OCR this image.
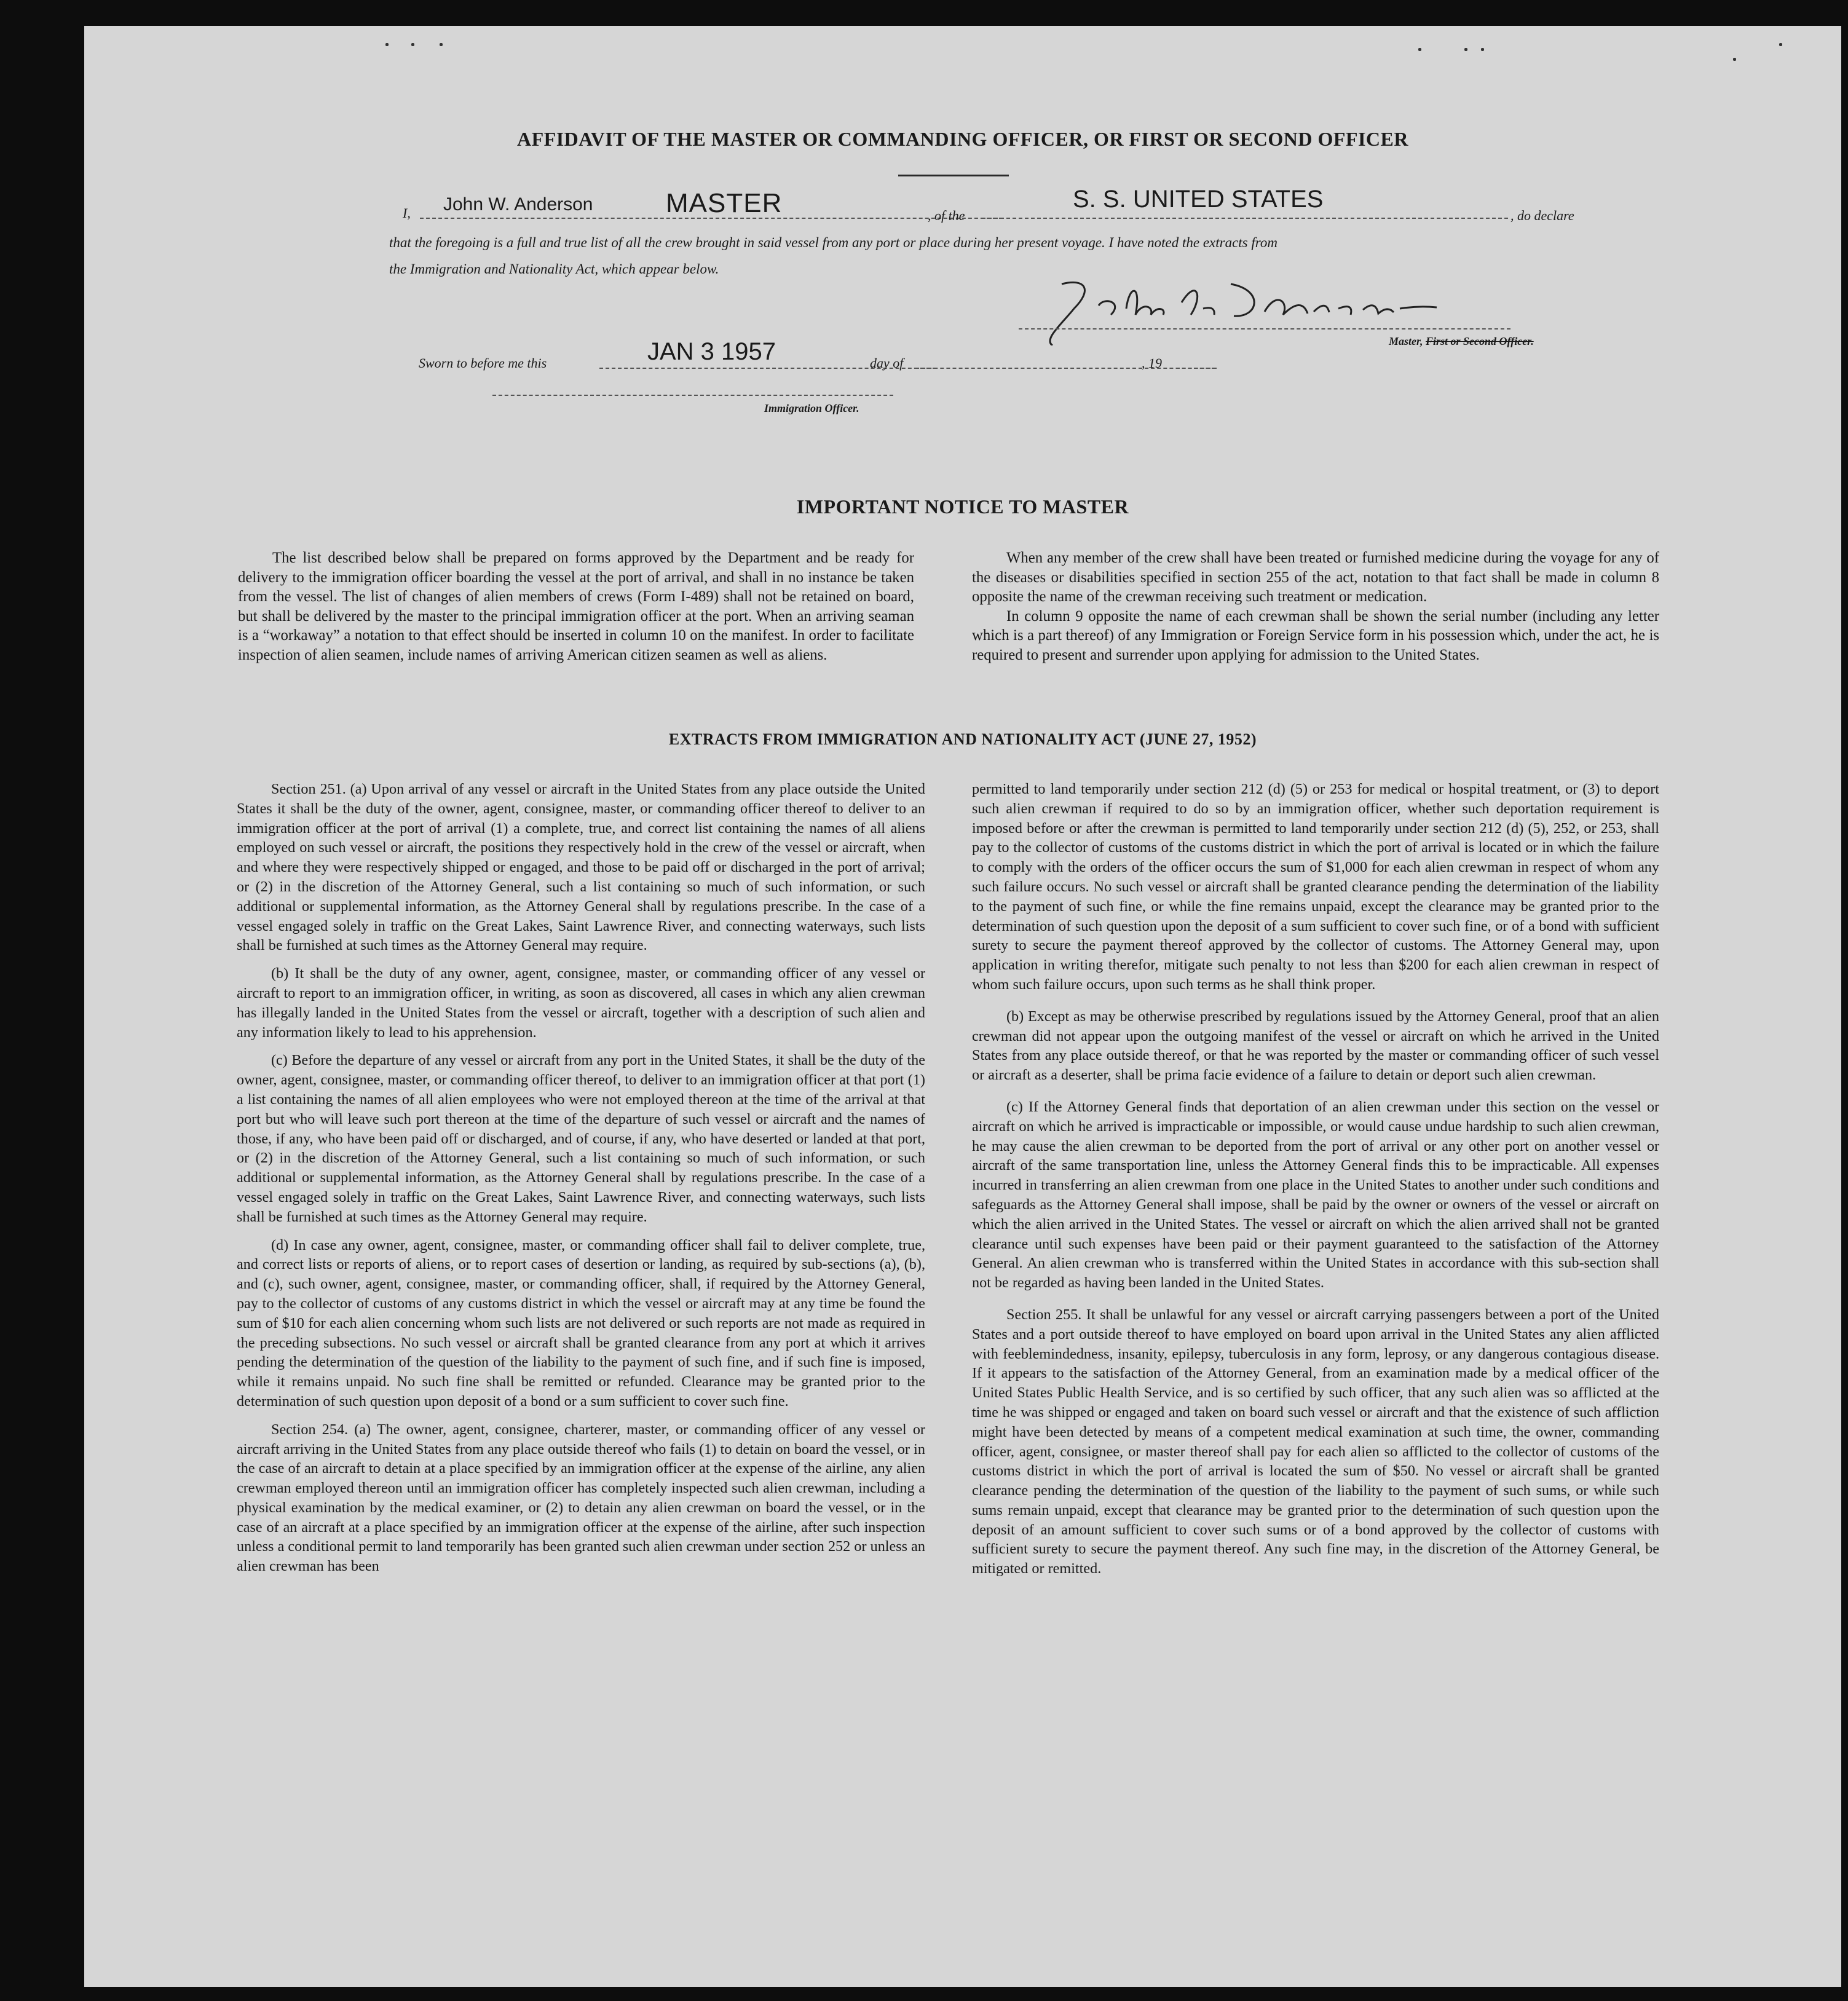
AFFIDAVIT OF THE MASTER OR COMMANDING OFFICER, OR FIRST OR SECOND OFFICER
I, John W. Anderson	MASTER	, of the
S. S. UNITED STATES
, do declare
that the foregoing is a full and true list of all the crew brought in said vessel from any port or place during her present voyage. I have noted the extracts from
the Immigration and Nationality Act, which appear below.
Master, First or Second Officer.
Sworn to before me this	JAN 3 1957	day of	, 19
Immigration Officer.
IMPORTANT NOTICE TO MASTER

The list described below shall be prepared on forms approved by the Department and be ready for delivery to the immigration officer boarding the vessel at the port of arrival, and shall in no instance be taken from the vessel. The list of changes of alien members of crews (Form I-489) shall not be retained on board, but shall be delivered by the master to the principal immigration officer at the port. When an arriving seaman is a “workaway” a notation to that effect should be inserted in column 10 on the manifest. In order to facilitate inspection of alien seamen, include names of arriving American citizen seamen as well as aliens.

When any member of the crew shall have been treated or furnished medicine during the voyage for any of the diseases or disabilities specified in section 255 of the act, notation to that fact shall be made in column 8 opposite the name of the crewman receiving such treatment or medication.

In column 9 opposite the name of each crewman shall be shown the serial number (including any letter which is a part thereof) of any Immigration or Foreign Service form in his possession which, under the act, he is required to present and surrender upon applying for admission to the United States.

EXTRACTS FROM IMMIGRATION AND NATIONALITY ACT (JUNE 27, 1952)

Section 251. (a) Upon arrival of any vessel or aircraft in the United States from any place outside the United States it shall be the duty of the owner, agent, consignee, master, or commanding officer thereof to deliver to an immigration officer at the port of arrival (1) a complete, true, and correct list containing the names of all aliens employed on such vessel or aircraft, the positions they respectively hold in the crew of the vessel or aircraft, when and where they were respectively shipped or engaged, and those to be paid off or discharged in the port of arrival; or (2) in the discretion of the Attorney General, such a list containing so much of such information, or such additional or supplemental information, as the Attorney General shall by regulations prescribe. In the case of a vessel engaged solely in traffic on the Great Lakes, Saint Lawrence River, and connecting waterways, such lists shall be furnished at such times as the Attorney General may require.

(b) It shall be the duty of any owner, agent, consignee, master, or commanding officer of any vessel or aircraft to report to an immigration officer, in writing, as soon as discovered, all cases in which any alien crewman has illegally landed in the United States from the vessel or aircraft, together with a description of such alien and any information likely to lead to his apprehension.

(c) Before the departure of any vessel or aircraft from any port in the United States, it shall be the duty of the owner, agent, consignee, master, or commanding officer thereof, to deliver to an immigration officer at that port (1) a list containing the names of all alien employees who were not employed thereon at the time of the arrival at that port but who will leave such port thereon at the time of the departure of such vessel or aircraft and the names of those, if any, who have been paid off or discharged, and of course, if any, who have deserted or landed at that port, or (2) in the discretion of the Attorney General, such a list containing so much of such information, or such additional or supplemental information, as the Attorney General shall by regulations prescribe. In the case of a vessel engaged solely in traffic on the Great Lakes, Saint Lawrence River, and connecting waterways, such lists shall be furnished at such times as the Attorney General may require.

(d) In case any owner, agent, consignee, master, or commanding officer shall fail to deliver complete, true, and correct lists or reports of aliens, or to report cases of desertion or landing, as required by sub-sections (a), (b), and (c), such owner, agent, consignee, master, or commanding officer, shall, if required by the Attorney General, pay to the collector of customs of any customs district in which the vessel or aircraft may at any time be found the sum of $10 for each alien concerning whom such lists are not delivered or such reports are not made as required in the preceding subsections. No such vessel or aircraft shall be granted clearance from any port at which it arrives pending the determination of the question of the liability to the payment of such fine, and if such fine is imposed, while it remains unpaid. No such fine shall be remitted or refunded. Clearance may be granted prior to the determination of such question upon deposit of a bond or a sum sufficient to cover such fine.

Section 254. (a) The owner, agent, consignee, charterer, master, or commanding officer of any vessel or aircraft arriving in the United States from any place outside thereof who fails (1) to detain on board the vessel, or in the case of an aircraft to detain at a place specified by an immigration officer at the expense of the airline, any alien crewman employed thereon until an immigration officer has completely inspected such alien crewman, including a physical examination by the medical examiner, or (2) to detain any alien crewman on board the vessel, or in the case of an aircraft at a place specified by an immigration officer at the expense of the airline, after such inspection unless a conditional permit to land temporarily has been granted such alien crewman under section 252 or unless an alien crewman has been

permitted to land temporarily under section 212 (d) (5) or 253 for medical or hospital treatment, or (3) to deport such alien crewman if required to do so by an immigration officer, whether such deportation requirement is imposed before or after the crewman is permitted to land temporarily under section 212 (d) (5), 252, or 253, shall pay to the collector of customs of the customs district in which the port of arrival is located or in which the failure to comply with the orders of the officer occurs the sum of $1,000 for each alien crewman in respect of whom any such failure occurs. No such vessel or aircraft shall be granted clearance pending the determination of the liability to the payment of such fine, or while the fine remains unpaid, except the clearance may be granted prior to the determination of such question upon the deposit of a sum sufficient to cover such fine, or of a bond with sufficient surety to secure the payment thereof approved by the collector of customs. The Attorney General may, upon application in writing therefor, mitigate such penalty to not less than $200 for each alien crewman in respect of whom such failure occurs, upon such terms as he shall think proper.

(b) Except as may be otherwise prescribed by regulations issued by the Attorney General, proof that an alien crewman did not appear upon the outgoing manifest of the vessel or aircraft on which he arrived in the United States from any place outside thereof, or that he was reported by the master or commanding officer of such vessel or aircraft as a deserter, shall be prima facie evidence of a failure to detain or deport such alien crewman.

(c) If the Attorney General finds that deportation of an alien crewman under this section on the vessel or aircraft on which he arrived is impracticable or impossible, or would cause undue hardship to such alien crewman, he may cause the alien crewman to be deported from the port of arrival or any other port on another vessel or aircraft of the same transportation line, unless the Attorney General finds this to be impracticable. All expenses incurred in transferring an alien crewman from one place in the United States to another under such conditions and safeguards as the Attorney General shall impose, shall be paid by the owner or owners of the vessel or aircraft on which the alien arrived in the United States. The vessel or aircraft on which the alien arrived shall not be granted clearance until such expenses have been paid or their payment guaranteed to the satisfaction of the Attorney General. An alien crewman who is transferred within the United States in accordance with this sub-section shall not be regarded as having been landed in the United States.

Section 255. It shall be unlawful for any vessel or aircraft carrying passengers between a port of the United States and a port outside thereof to have employed on board upon arrival in the United States any alien afflicted with feeblemindedness, insanity, epilepsy, tuberculosis in any form, leprosy, or any dangerous contagious disease. If it appears to the satisfaction of the Attorney General, from an examination made by a medical officer of the United States Public Health Service, and is so certified by such officer, that any such alien was so afflicted at the time he was shipped or engaged and taken on board such vessel or aircraft and that the existence of such affliction might have been detected by means of a competent medical examination at such time, the owner, commanding officer, agent, consignee, or master thereof shall pay for each alien so afflicted to the collector of customs of the customs district in which the port of arrival is located the sum of $50. No vessel or aircraft shall be granted clearance pending the determination of the question of the liability to the payment of such sums, or while such sums remain unpaid, except that clearance may be granted prior to the determination of such question upon the deposit of an amount sufficient to cover such sums or of a bond approved by the collector of customs with sufficient surety to secure the payment thereof. Any such fine may, in the discretion of the Attorney General, be mitigated or remitted.
